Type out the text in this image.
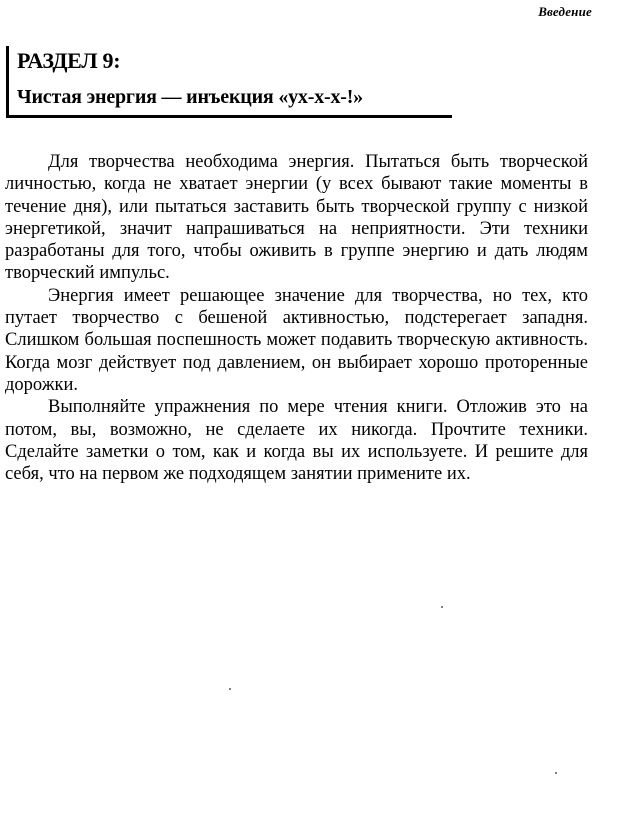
Введение
РАЗДЕЛ 9:
Чистая энергия — инъекция «ух-х-х-!»

Для творчества необходима энергия. Пытаться быть творческой личностью, когда не хватает энергии (у всех бывают такие моменты в течение дня), или пытаться заставить быть творческой группу с низкой энергетикой, значит напрашиваться на неприятности. Эти техники разработаны для того, чтобы оживить в группе энергию и дать людям творческий импульс.

Энергия имеет решающее значение для творчества, но тех, кто путает творчество с бешеной активностью, подстерегает западня. Слишком большая поспешность может подавить творческую активность. Когда мозг действует под давлением, он выбирает хорошо проторенные дорожки.

Выполняйте упражнения по мере чтения книги. Отложив это на потом, вы, возможно, не сделаете их никогда. Прочтите техники. Сделайте заметки о том, как и когда вы их используете. И решите для себя, что на первом же подходящем занятии примените их.
